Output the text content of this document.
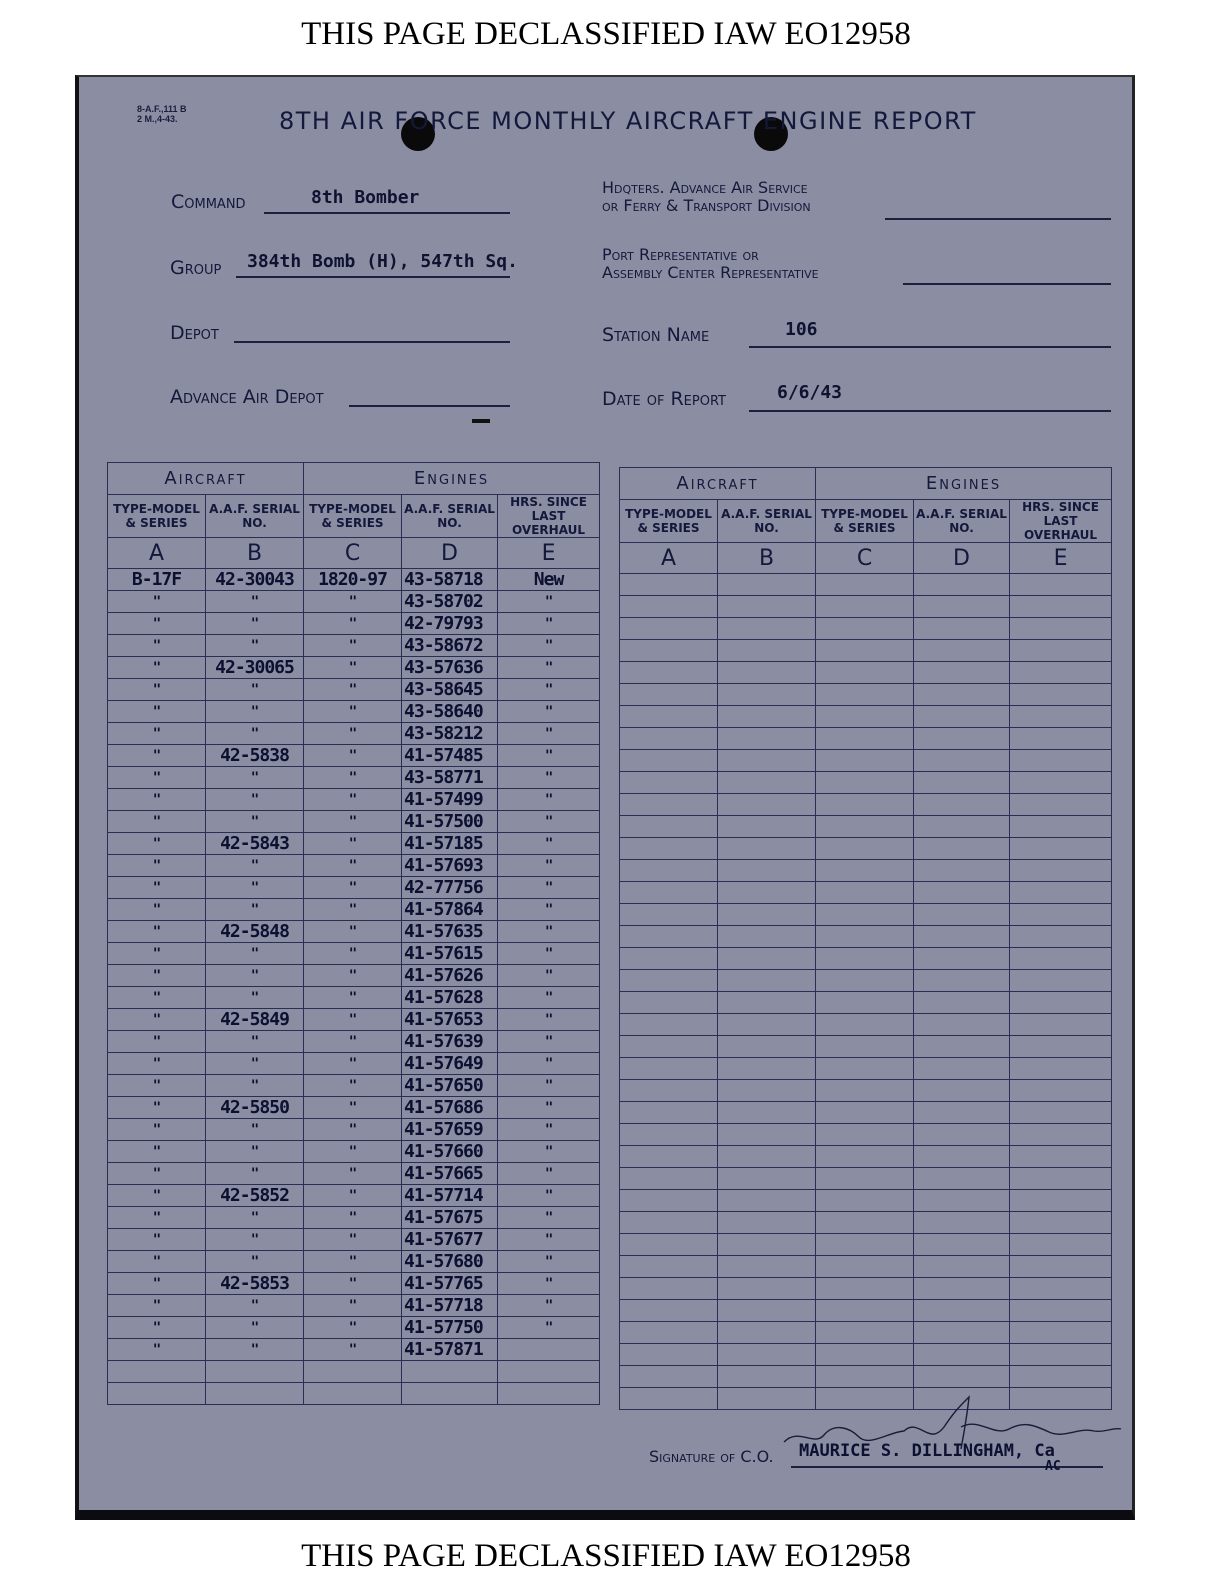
THIS PAGE DECLASSIFIED IAW EO12958
8-A.F.,111 B
2 M.,4-43.	8TH AIR FORCE MONTHLY AIRCRAFT ENGINE REPORT
Command	8th Bomber
Group 384th Bomb (H), 547th Sq.
Depot
Advance Air Depot
Hdqters. Advance Air Service
or Ferry & Transport Division
Port Representative or
Assembly Center Representative
Station Name	106
Date of Report	6/6/43
Aircraft		Engines		
TYPE-MODEL & SERIES	A.A.F. SERIAL NO.	TYPE-MODEL & SERIES	A.A.F. SERIAL NO.	HRS. SINCE LAST OVERHAUL
A	B	C	D	E
B-17F	42-30043	1820-97	43-58718	New
"	"	"	43-58702	"
"	"	"	42-79793	"
"	"	"	43-58672	"
"	42-30065	"	43-57636	"
"	"	"	43-58645	"
"	"	"	43-58640	"
"	"	"	43-58212	"
"	42-5838	"	41-57485	"
"	"	"	43-58771	"
"	"	"	41-57499	"
"	"	"	41-57500	"
"	42-5843	"	41-57185	"
"	"	"	41-57693	"
"	"	"	42-77756	"
"	"	"	41-57864	"
"	42-5848	"	41-57635	"
"	"	"	41-57615	"
"	"	"	41-57626	"
"	"	"	41-57628	"
"	42-5849	"	41-57653	"
"	"	"	41-57639	"
"	"	"	41-57649	"
"	"	"	41-57650	"
"	42-5850	"	41-57686	"
"	"	"	41-57659	"
"	"	"	41-57660	"
"	"	"	41-57665	"
"	42-5852	"	41-57714	"
"	"	"	41-57675	"
"	"	"	41-57677	"
"	"	"	41-57680	"
"	42-5853	"	41-57765	"
"	"	"	41-57718	"
"	"	"	41-57750	"
"	"	"	41-57871	

Aircraft		Engines		
TYPE-MODEL & SERIES	A.A.F. SERIAL NO.	TYPE-MODEL & SERIES	A.A.F. SERIAL NO.	HRS. SINCE LAST OVERHAUL
A	B	C	D	E

Signature of C.O. MAURICE S. DILLINGHAM, Ca
AC
THIS PAGE DECLASSIFIED IAW EO12958
